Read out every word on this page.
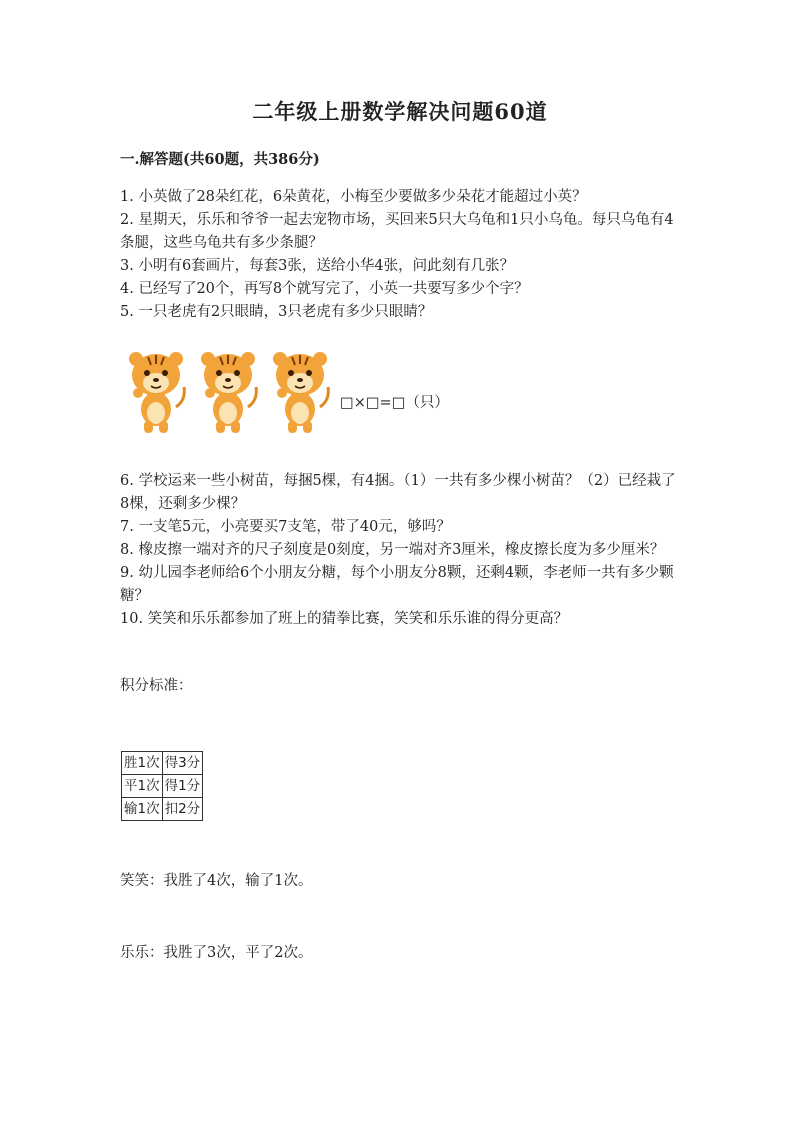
二年级上册数学解决问题60道
一.解答题(共60题，共386分)

1. 小英做了28朵红花，6朵黄花，小梅至少要做多少朵花才能超过小英？

2. 星期天，乐乐和爷爷一起去宠物市场，买回来5只大乌龟和1只小乌龟。每只乌龟有4条腿，这些乌龟共有多少条腿？

3. 小明有6套画片，每套3张，送给小华4张，问此刻有几张？

4. 已经写了20个，再写8个就写完了，小英一共要写多少个字？

5. 一只老虎有2只眼睛，3只老虎有多少只眼睛？

□×□=□（只）

6. 学校运来一些小树苗，每捆5棵，有4捆。（1）一共有多少棵小树苗？（2）已经栽了8棵，还剩多少棵？

7. 一支笔5元，小亮要买7支笔，带了40元，够吗？

8. 橡皮擦一端对齐的尺子刻度是0刻度，另一端对齐3厘米，橡皮擦长度为多少厘米？

9. 幼儿园李老师给6个小朋友分糖，每个小朋友分8颗，还剩4颗，李老师一共有多少颗糖？

10. 笑笑和乐乐都参加了班上的猜拳比赛，笑笑和乐乐谁的得分更高？

积分标准：
胜1次	得3分
平1次	得1分
输1次	扣2分
笑笑：我胜了4次，输了1次。
乐乐：我胜了3次，平了2次。
